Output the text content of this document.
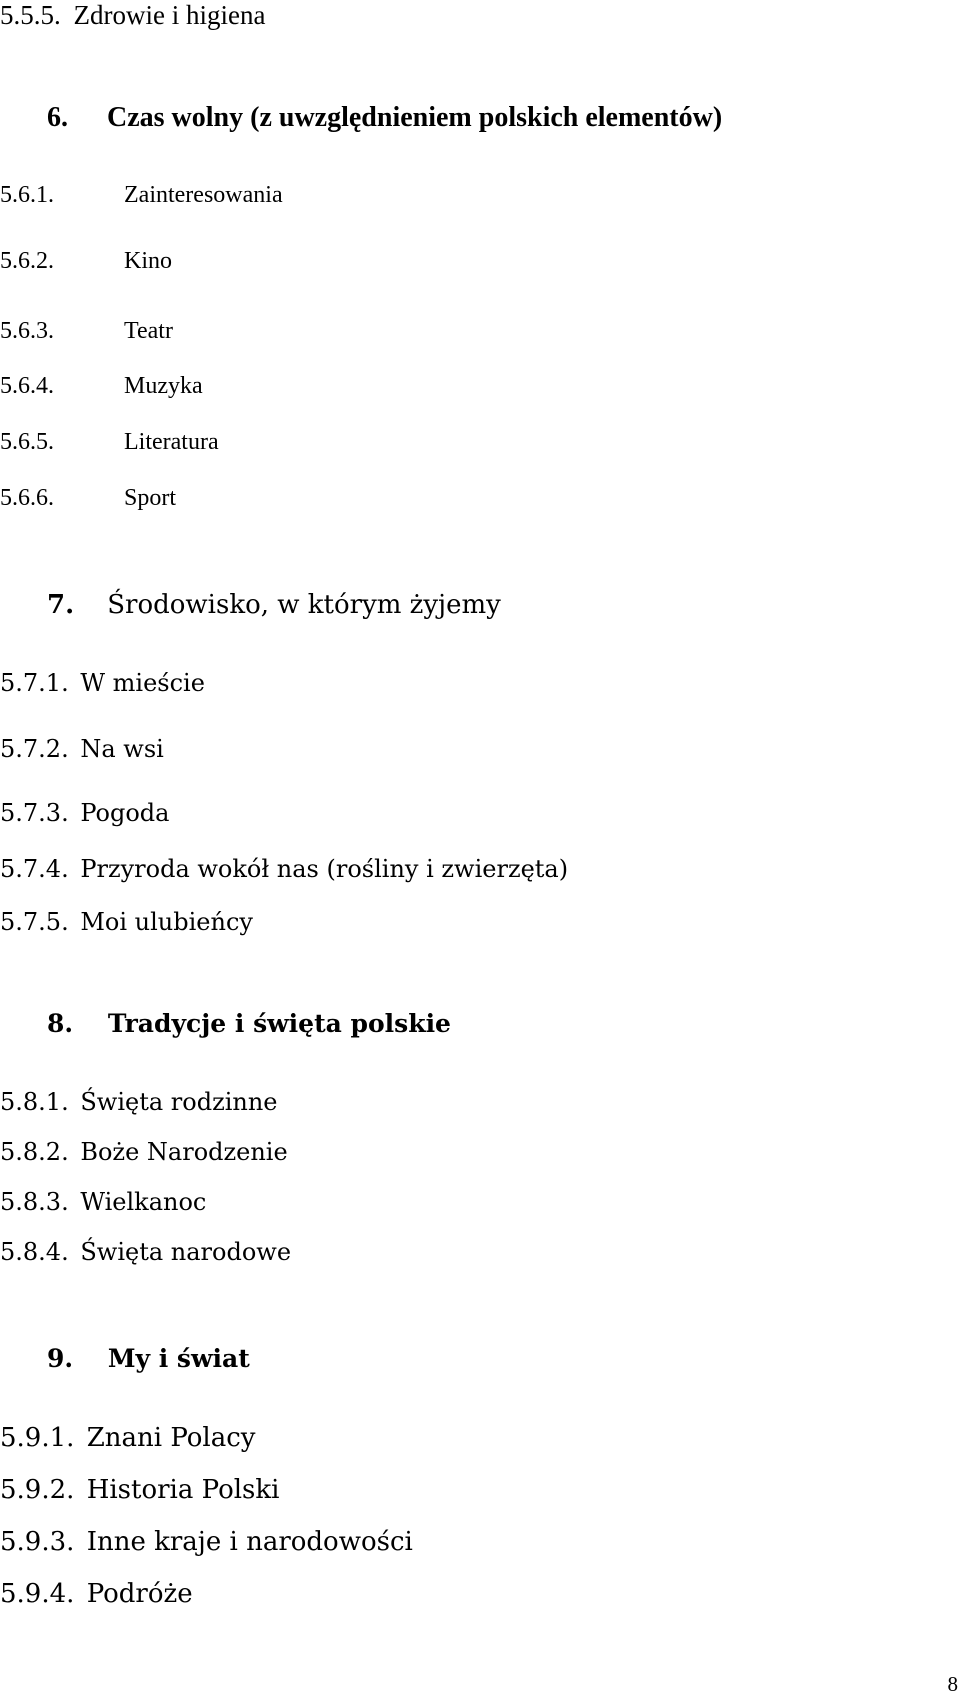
5.5.5. Zdrowie i higiena
6. Czas wolny (z uwzględnieniem polskich elementów)
5.6.1.	Zainteresowania
5.6.2.	Kino
5.6.3.	Teatr
5.6.4.	Muzyka
5.6.5.	Literatura
5.6.6.	Sport
7. Środowisko, w którym żyjemy
5.7.1. W mieście
5.7.2. Na wsi
5.7.3. Pogoda
5.7.4. Przyroda wokół nas (rośliny i zwierzęta)
5.7.5. Moi ulubieńcy
8. Tradycje i święta polskie
5.8.1. Święta rodzinne
5.8.2. Boże Narodzenie
5.8.3. Wielkanoc
5.8.4. Święta narodowe
9. My i świat
5.9.1. Znani Polacy
5.9.2. Historia Polski
5.9.3. Inne kraje i narodowości
5.9.4. Podróże
8
